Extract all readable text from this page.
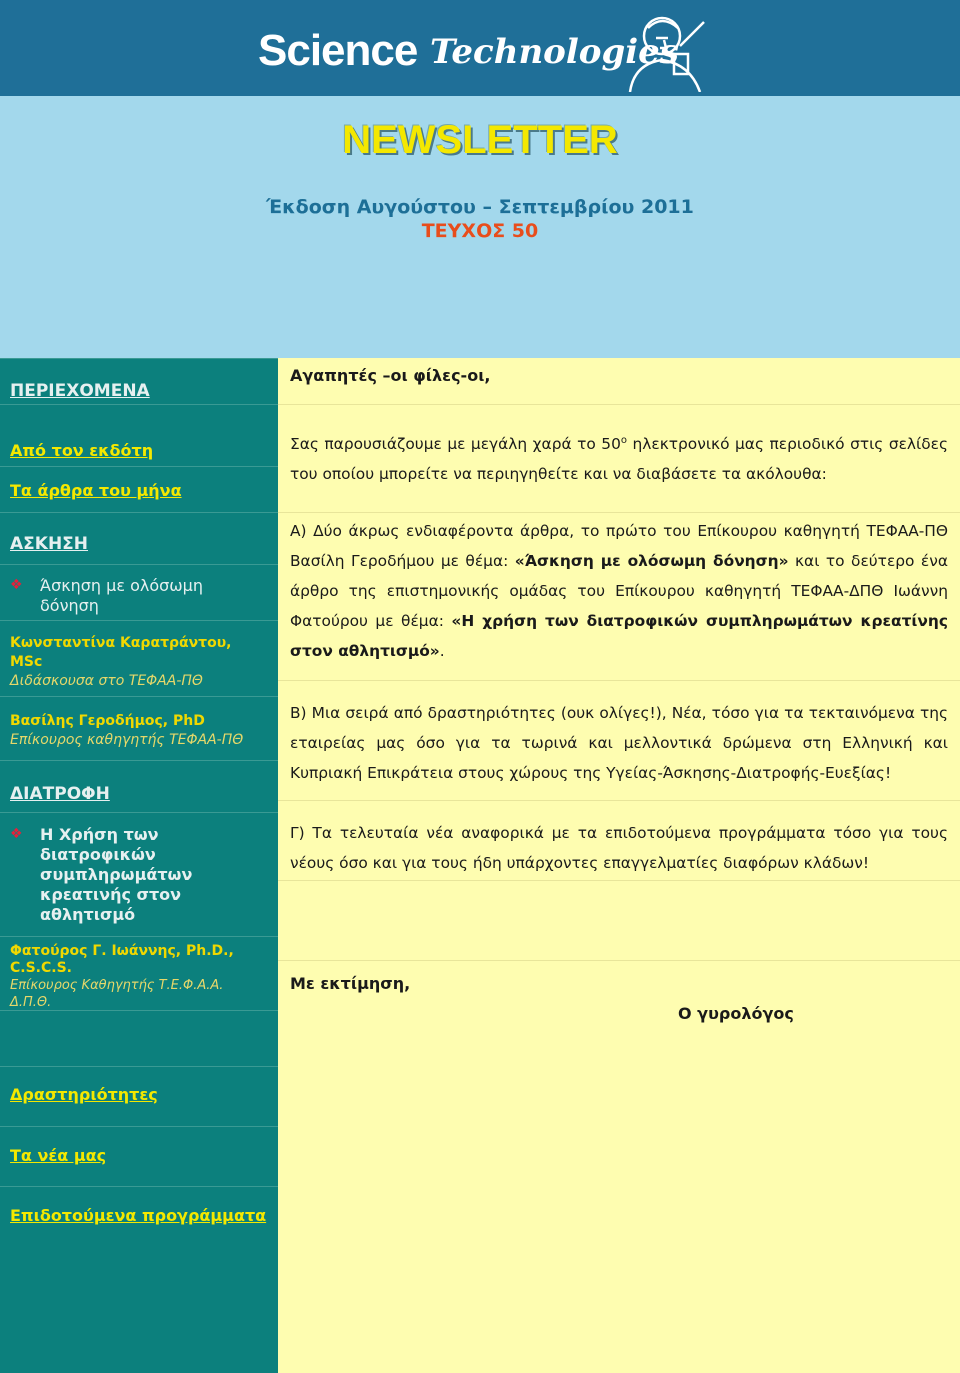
Science Technologies
NEWSLETTER
Έκδοση Αυγούστου – Σεπτεμβρίου 2011
ΤΕΥΧΟΣ 50
ΠΕΡΙΕΧΟΜΕΝΑ
Από τον εκδότη
Τα άρθρα του μήνα
ΑΣΚΗΣΗ
❖ Άσκηση με ολόσωμη
δόνηση
Κωνσταντίνα Καρατράντου,
MSc
Διδάσκουσα στο ΤΕΦΑΑ-ΠΘ
Βασίλης Γεροδήμος, PhD
Επίκουρος καθηγητής ΤΕΦΑΑ-ΠΘ
ΔΙΑΤΡΟΦΗ
❖ Η Χρήση των
διατροφικών
συμπληρωμάτων
κρεατινής στον
αθλητισμό
Φατούρος Γ. Ιωάννης, Ph.D.,
C.S.C.S.
Επίκουρος Καθηγητής Τ.Ε.Φ.Α.Α.
Δ.Π.Θ.
Δραστηριότητες
Τα νέα μας
Επιδοτούμενα προγράμματα
Αγαπητές –οι φίλες-οι,
Σας παρουσιάζουμε με μεγάλη χαρά το $50^o$ ηλεκτρονικό μας περιοδικό στις σελίδες του οποίου μπορείτε να περιηγηθείτε και να διαβάσετε τα ακόλουθα:
Α) Δύο άκρως ενδιαφέροντα άρθρα, το πρώτο του Επίκουρου καθηγητή ΤΕΦΑΑ-ΠΘ Βασίλη Γεροδήμου με θέμα: «Άσκηση με ολόσωμη δόνηση» και το δεύτερο ένα άρθρο της επιστημονικής ομάδας του Επίκουρου καθηγητή ΤΕΦΑΑ-ΔΠΘ Ιωάννη Φατούρου με θέμα: «Η χρήση των διατροφικών συμπληρωμάτων κρεατίνης στον αθλητισμό».
Β) Μια σειρά από δραστηριότητες (ουκ ολίγες!), Νέα, τόσο για τα τεκταινόμενα της εταιρείας μας όσο για τα τωρινά και μελλοντικά δρώμενα στη Ελληνική και Κυπριακή Επικράτεια στους χώρους της Υγείας-Άσκησης-Διατροφής-Ευεξίας!
Γ) Τα τελευταία νέα αναφορικά με τα επιδοτούμενα προγράμματα τόσο για τους νέους όσο και για τους ήδη υπάρχοντες επαγγελματίες διαφόρων κλάδων!
Με εκτίμηση,
Ο γυρολόγος
